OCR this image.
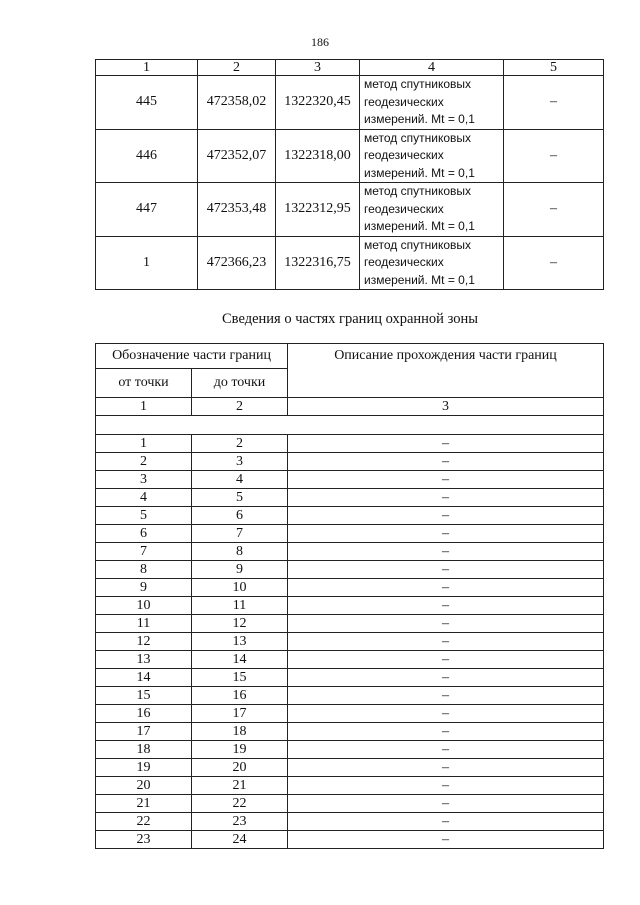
186
1	2	3	4	5
445	472358,02	1322320,45	метод спутниковых
геодезических
измерений. Mt = 0,1	–
446	472352,07	1322318,00	метод спутниковых
геодезических
измерений. Mt = 0,1	–
447	472353,48	1322312,95	метод спутниковых
геодезических
измерений. Mt = 0,1	–
1	472366,23	1322316,75	метод спутниковых
геодезических
измерений. Mt = 0,1	–
Сведения о частях границ охранной зоны
Обозначение части границ		Описание прохождения части границ
от точки	до точки	
1	2	3

1	2	–
2	3	–
3	4	–
4	5	–
5	6	–
6	7	–
7	8	–
8	9	–
9	10	–
10	11	–
11	12	–
12	13	–
13	14	–
14	15	–
15	16	–
16	17	–
17	18	–
18	19	–
19	20	–
20	21	–
21	22	–
22	23	–
23	24	–
